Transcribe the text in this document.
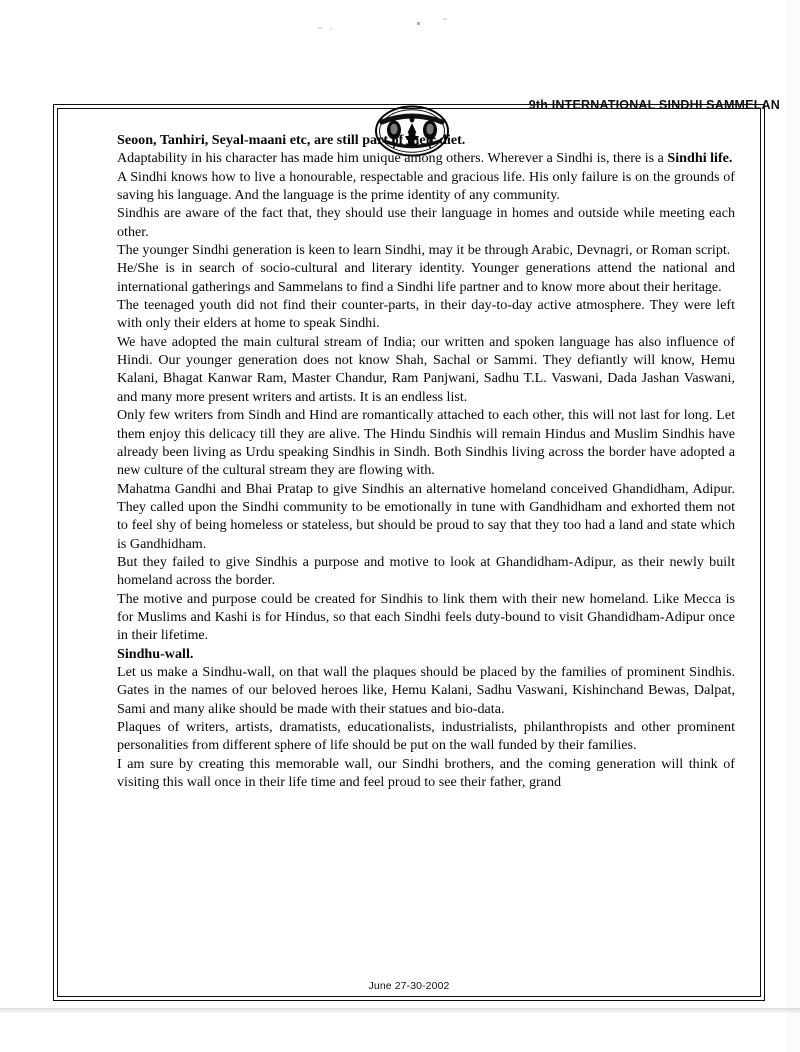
9th INTERNATIONAL SINDHI SAMMELAN

Seoon, Tanhiri, Seyal-maani etc, are still part of their diet.

Adaptability in his character has made him unique among others. Wherever a Sindhi is, there is a Sindhi life.

A Sindhi knows how to live a honourable, respectable and gracious life. His only failure is on the grounds of saving his language. And the language is the prime identity of any community.

Sindhis are aware of the fact that, they should use their language in homes and outside while meeting each other.

The younger Sindhi generation is keen to learn Sindhi, may it be through Arabic, Devnagri, or Roman script.

He/She is in search of socio-cultural and literary identity. Younger generations attend the national and international gatherings and Sammelans to find a Sindhi life partner and to know more about their heritage.

The teenaged youth did not find their counter-parts, in their day-to-day active atmosphere. They were left with only their elders at home to speak Sindhi.

We have adopted the main cultural stream of India; our written and spoken language has also influence of Hindi. Our younger generation does not know Shah, Sachal or Sammi. They defiantly will know, Hemu Kalani, Bhagat Kanwar Ram, Master Chandur, Ram Panjwani, Sadhu T.L. Vaswani, Dada Jashan Vaswani, and many more present writers and artists. It is an endless list.

Only few writers from Sindh and Hind are romantically attached to each other, this will not last for long. Let them enjoy this delicacy till they are alive. The Hindu Sindhis will remain Hindus and Muslim Sindhis have already been living as Urdu speaking Sindhis in Sindh. Both Sindhis living across the border have adopted a new culture of the cultural stream they are flowing with.

Mahatma Gandhi and Bhai Pratap to give Sindhis an alternative homeland conceived Ghandidham, Adipur. They called upon the Sindhi community to be emotionally in tune with Gandhidham and exhorted them not to feel shy of being homeless or stateless, but should be proud to say that they too had a land and state which is Gandhidham.

But they failed to give Sindhis a purpose and motive to look at Ghandidham-Adipur, as their newly built homeland across the border.

The motive and purpose could be created for Sindhis to link them with their new homeland. Like Mecca is for Muslims and Kashi is for Hindus, so that each Sindhi feels duty-bound to visit Ghandidham-Adipur once in their lifetime.

Sindhu-wall.

Let us make a Sindhu-wall, on that wall the plaques should be placed by the families of prominent Sindhis. Gates in the names of our beloved heroes like, Hemu Kalani, Sadhu Vaswani, Kishinchand Bewas, Dalpat, Sami and many alike should be made with their statues and bio-data.

Plaques of writers, artists, dramatists, educationalists, industrialists, philanthropists and other prominent personalities from different sphere of life should be put on the wall funded by their families.

I am sure by creating this memorable wall, our Sindhi brothers, and the coming generation will think of visiting this wall once in their life time and feel proud to see their father, grand

June 27-30-2002
